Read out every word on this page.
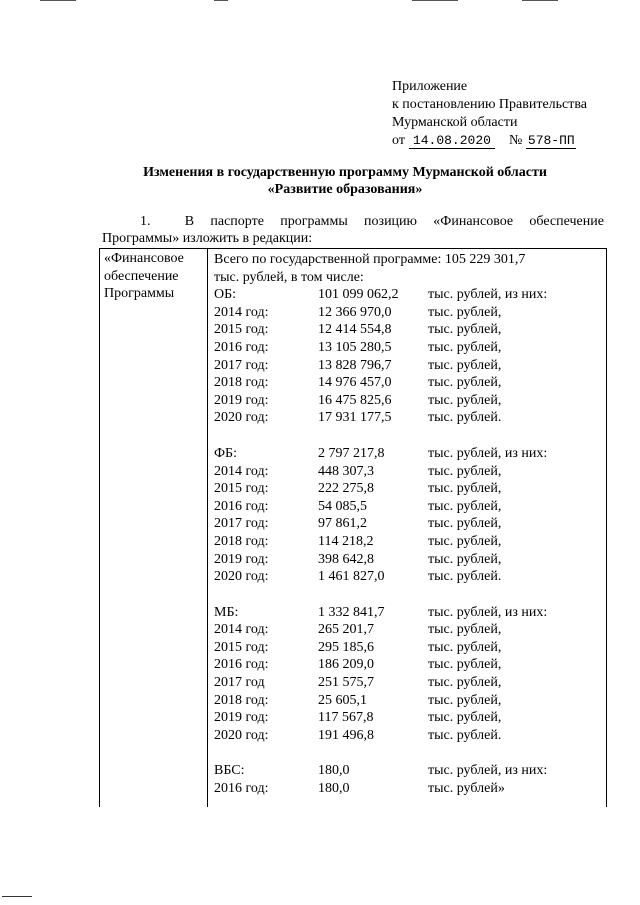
Приложение
к постановлению Правительства
Мурманской области
от 14.08.2020 № 578-ПП
Изменения в государственную программу Мурманской области
«Развитие образования»
1. В паспорте программы позицию «Финансовое обеспечение
Программы» изложить в редакции:
«Финансовое
обеспечение
Программы
Всего по государственной программе: 105 229 301,7
тыс. рублей, в том числе:
ОБ:	101 099 062,2	тыс. рублей, из них:
2014 год:	12 366 970,0	тыс. рублей,
2015 год:	12 414 554,8	тыс. рублей,
2016 год:	13 105 280,5	тыс. рублей,
2017 год:	13 828 796,7	тыс. рублей,
2018 год:	14 976 457,0	тыс. рублей,
2019 год:	16 475 825,6	тыс. рублей,
2020 год:	17 931 177,5	тыс. рублей.
ФБ:	2 797 217,8	тыс. рублей, из них:
2014 год:	448 307,3	тыс. рублей,
2015 год:	222 275,8	тыс. рублей,
2016 год:	54 085,5	тыс. рублей,
2017 год:	97 861,2	тыс. рублей,
2018 год:	114 218,2	тыс. рублей,
2019 год:	398 642,8	тыс. рублей,
2020 год:	1 461 827,0	тыс. рублей.
МБ:	1 332 841,7	тыс. рублей, из них:
2014 год:	265 201,7	тыс. рублей,
2015 год:	295 185,6	тыс. рублей,
2016 год:	186 209,0	тыс. рублей,
2017 год	251 575,7	тыс. рублей,
2018 год:	25 605,1	тыс. рублей,
2019 год:	117 567,8	тыс. рублей,
2020 год:	191 496,8	тыс. рублей.
ВБС:	180,0	тыс. рублей, из них:
2016 год:	180,0	тыс. рублей»
